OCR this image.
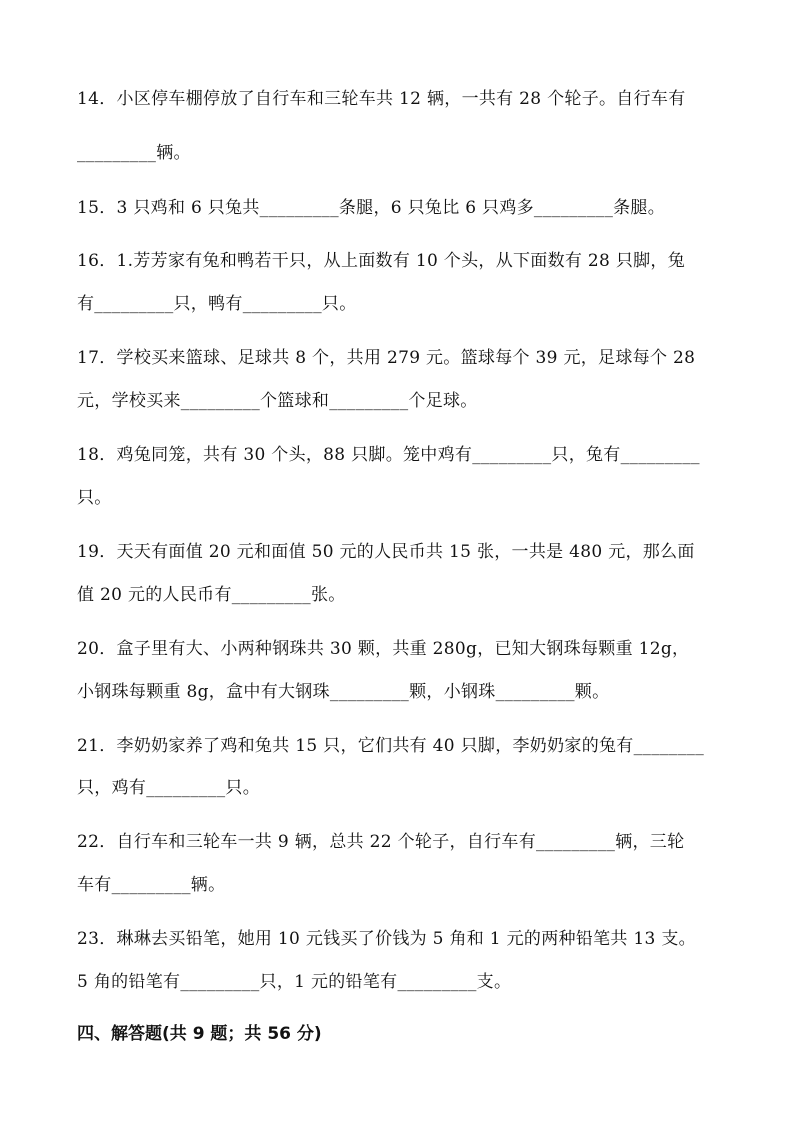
14．小区停车棚停放了自行车和三轮车共 12 辆，一共有 28 个轮子。自行车有
_________辆。
15．3 只鸡和 6 只兔共_________条腿，6 只兔比 6 只鸡多_________条腿。
16．1.芳芳家有兔和鸭若干只，从上面数有 10 个头，从下面数有 28 只脚，兔
有_________只，鸭有_________只。
17．学校买来篮球、足球共 8 个，共用 279 元。篮球每个 39 元，足球每个 28
元，学校买来_________个篮球和_________个足球。
18．鸡兔同笼，共有 30 个头，88 只脚。笼中鸡有_________只，兔有_________
只。
19．天天有面值 20 元和面值 50 元的人民币共 15 张，一共是 480 元，那么面
值 20 元的人民币有_________张。
20．盒子里有大、小两种钢珠共 30 颗，共重 280g，已知大钢珠每颗重 12g，
小钢珠每颗重 8g，盒中有大钢珠_________颗，小钢珠_________颗。
21．李奶奶家养了鸡和兔共 15 只，它们共有 40 只脚，李奶奶家的兔有________
只，鸡有_________只。
22．自行车和三轮车一共 9 辆，总共 22 个轮子，自行车有_________辆，三轮
车有_________辆。
23．琳琳去买铅笔，她用 10 元钱买了价钱为 5 角和 1 元的两种铅笔共 13 支。
5 角的铅笔有_________只，1 元的铅笔有_________支。
四、解答题(共 9 题；共 56 分)
